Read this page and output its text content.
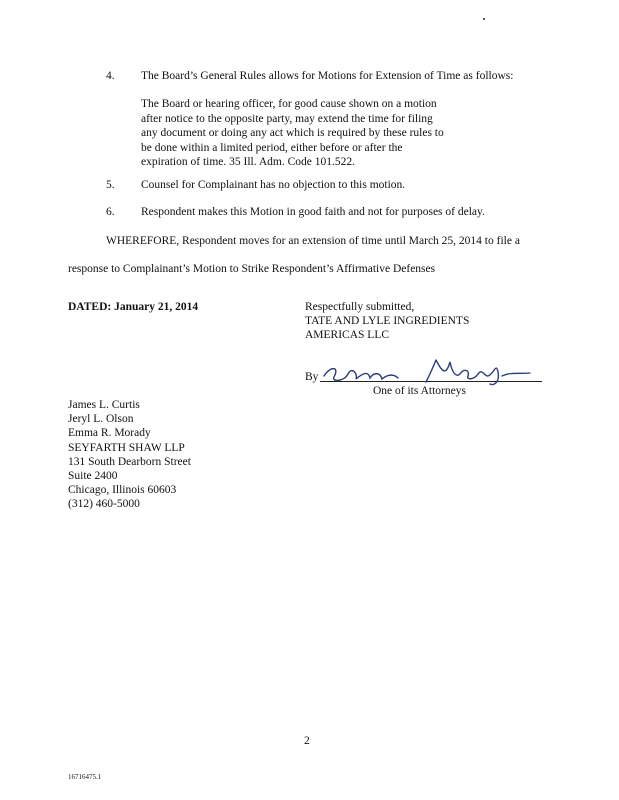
4. The Board’s General Rules allows for Motions for Extension of Time as follows:
The Board or hearing officer, for good cause shown on a motion
after notice to the opposite party, may extend the time for filing
any document or doing any act which is required by these rules to
be done within a limited period, either before or after the
expiration of time. 35 Ill. Adm. Code 101.522.
5. Counsel for Complainant has no objection to this motion.
6. Respondent makes this Motion in good faith and not for purposes of delay.
WHEREFORE, Respondent moves for an extension of time until March 25, 2014 to file a
response to Complainant’s Motion to Strike Respondent’s Affirmative Defenses
DATED: January 21, 2014	Respectfully submitted,
TATE AND LYLE INGREDIENTS
AMERICAS LLC
By
One of its Attorneys
James L. Curtis
Jeryl L. Olson
Emma R. Morady
SEYFARTH SHAW LLP
131 South Dearborn Street
Suite 2400
Chicago, Illinois 60603
(312) 460-5000
2
16716475.1
